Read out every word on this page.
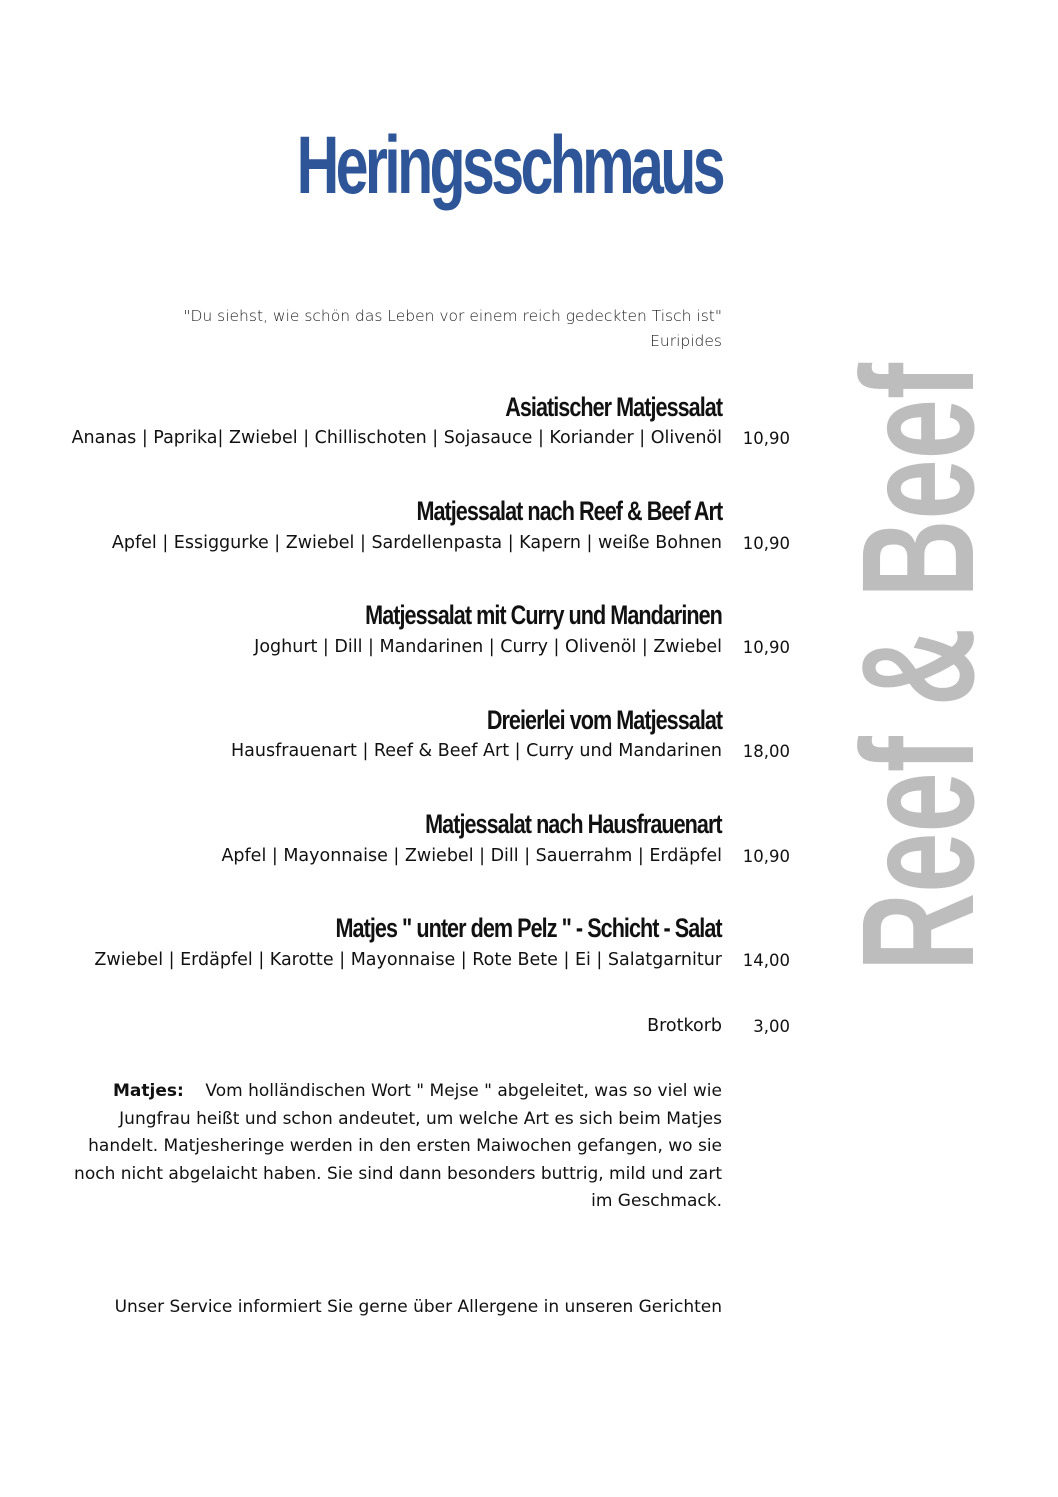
Heringsschmaus
"Du siehst, wie schön das Leben vor einem reich gedeckten Tisch ist"
Euripides Reef & Beef
Asiatischer Matjessalat
Ananas | Paprika| Zwiebel | Chillischoten | Sojasauce | Koriander | Olivenöl	10,90
Matjessalat nach Reef & Beef Art
Apfel | Essiggurke | Zwiebel | Sardellenpasta | Kapern | weiße Bohnen	10,90
Matjessalat mit Curry und Mandarinen
Joghurt | Dill | Mandarinen | Curry | Olivenöl | Zwiebel	10,90
Dreierlei vom Matjessalat
Hausfrauenart | Reef & Beef Art | Curry und Mandarinen	18,00
Matjessalat nach Hausfrauenart
Apfel | Mayonnaise | Zwiebel | Dill | Sauerrahm | Erdäpfel	10,90
Matjes " unter dem Pelz " - Schicht - Salat
Zwiebel | Erdäpfel | Karotte | Mayonnaise | Rote Bete | Ei | Salatgarnitur	14,00
Brotkorb	3,00
Matjes: Vom holländischen Wort " Mejse " abgeleitet, was so viel wie Jungfrau heißt und schon andeutet, um welche Art es sich beim Matjes handelt. Matjesheringe werden in den ersten Maiwochen gefangen, wo sie noch nicht abgelaicht haben. Sie sind dann besonders buttrig, mild und zart im Geschmack.
Unser Service informiert Sie gerne über Allergene in unseren Gerichten
